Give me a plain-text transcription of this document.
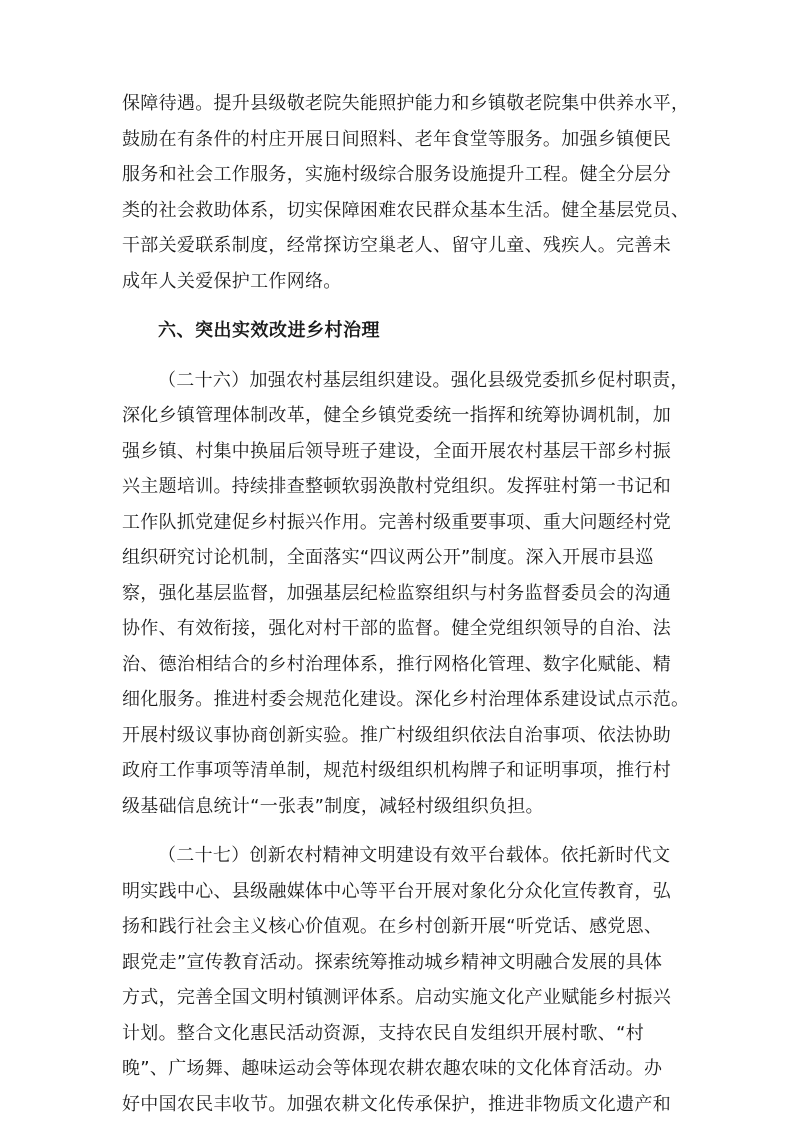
保障待遇。提升县级敬老院失能照护能力和乡镇敬老院集中供养水平，
鼓励在有条件的村庄开展日间照料、老年食堂等服务。加强乡镇便民
服务和社会工作服务，实施村级综合服务设施提升工程。健全分层分
类的社会救助体系，切实保障困难农民群众基本生活。健全基层党员、
干部关爱联系制度，经常探访空巢老人、留守儿童、残疾人。完善未
成年人关爱保护工作网络。

六、突出实效改进乡村治理

（二十六）加强农村基层组织建设。强化县级党委抓乡促村职责，
深化乡镇管理体制改革，健全乡镇党委统一指挥和统筹协调机制，加
强乡镇、村集中换届后领导班子建设，全面开展农村基层干部乡村振
兴主题培训。持续排查整顿软弱涣散村党组织。发挥驻村第一书记和
工作队抓党建促乡村振兴作用。完善村级重要事项、重大问题经村党
组织研究讨论机制，全面落实“四议两公开”制度。深入开展市县巡
察，强化基层监督，加强基层纪检监察组织与村务监督委员会的沟通
协作、有效衔接，强化对村干部的监督。健全党组织领导的自治、法
治、德治相结合的乡村治理体系，推行网格化管理、数字化赋能、精
细化服务。推进村委会规范化建设。深化乡村治理体系建设试点示范。
开展村级议事协商创新实验。推广村级组织依法自治事项、依法协助
政府工作事项等清单制，规范村级组织机构牌子和证明事项，推行村
级基础信息统计“一张表”制度，减轻村级组织负担。

（二十七）创新农村精神文明建设有效平台载体。依托新时代文
明实践中心、县级融媒体中心等平台开展对象化分众化宣传教育，弘
扬和践行社会主义核心价值观。在乡村创新开展“听党话、感党恩、
跟党走”宣传教育活动。探索统筹推动城乡精神文明融合发展的具体
方式，完善全国文明村镇测评体系。启动实施文化产业赋能乡村振兴
计划。整合文化惠民活动资源，支持农民自发组织开展村歌、“村
晚”、广场舞、趣味运动会等体现农耕农趣农味的文化体育活动。办
好中国农民丰收节。加强农耕文化传承保护，推进非物质文化遗产和
